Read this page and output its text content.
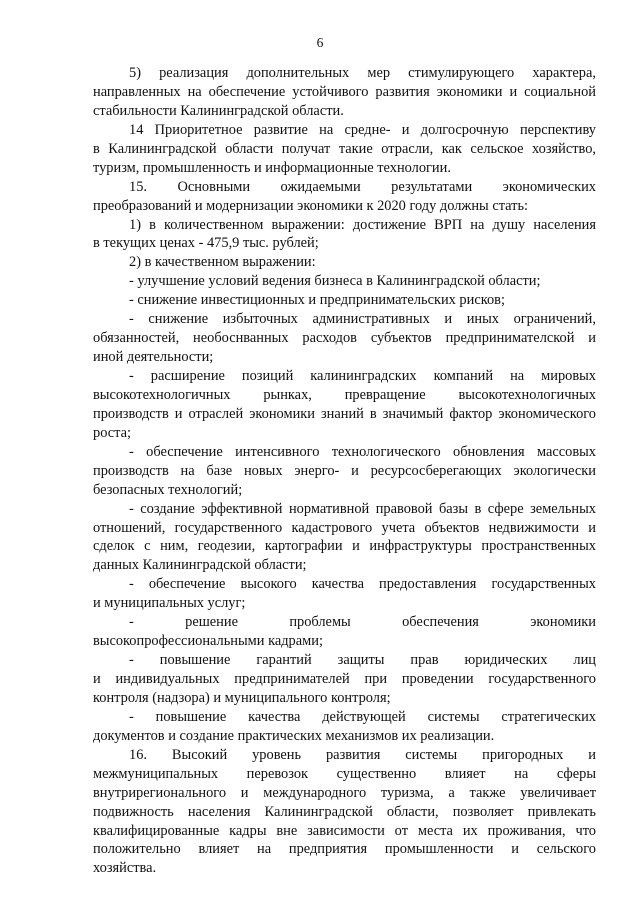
6
5) реализация дополнительных мер стимулирующего характера,
направленных на обеспечение устойчивого развития экономики и социальной
стабильности Калининградской области.
14 Приоритетное развитие на средне- и долгосрочную перспективу
в Калининградской области получат такие отрасли, как сельское хозяйство,
туризм, промышленность и информационные технологии.
15. Основными ожидаемыми результатами экономических
преобразований и модернизации экономики к 2020 году должны стать:
1) в количественном выражении: достижение ВРП на душу населения
в текущих ценах - 475,9 тыс. рублей;
2) в качественном выражении:
- улучшение условий ведения бизнеса в Калининградской области;
- снижение инвестиционных и предпринимательских рисков;
- снижение избыточных административных и иных ограничений,
обязанностей, необоснванных расходов субъектов предпринимателской и
иной деятельности;
- расширение позиций калининградских компаний на мировых
высокотехнологичных рынках, превращение высокотехнологичных
производств и отраслей экономики знаний в значимый фактор экономического
роста;
- обеспечение интенсивного технологического обновления массовых
производств на базе новых энерго- и ресурсосберегающих экологически
безопасных технологий;
- создание эффективной нормативной правовой базы в сфере земельных
отношений, государственного кадастрового учета объектов недвижимости и
сделок с ним, геодезии, картографии и инфраструктуры пространственных
данных Калининградской области;
- обеспечение высокого качества предоставления государственных
и муниципальных услуг;
- решение проблемы обеспечения экономики
высокопрофессиональными кадрами;
- повышение гарантий защиты прав юридических лиц
и индивидуальных предпринимателей при проведении государственного
контроля (надзора) и муниципального контроля;
- повышение качества действующей системы стратегических
документов и создание практических механизмов их реализации.
16. Высокий уровень развития системы пригородных и
межмуниципальных перевозок существенно влияет на сферы
внутрирегионального и международного туризма, а также увеличивает
подвижность населения Калининградской области, позволяет привлекать
квалифицированные кадры вне зависимости от места их проживания, что
положительно влияет на предприятия промышленности и сельского
хозяйства.
